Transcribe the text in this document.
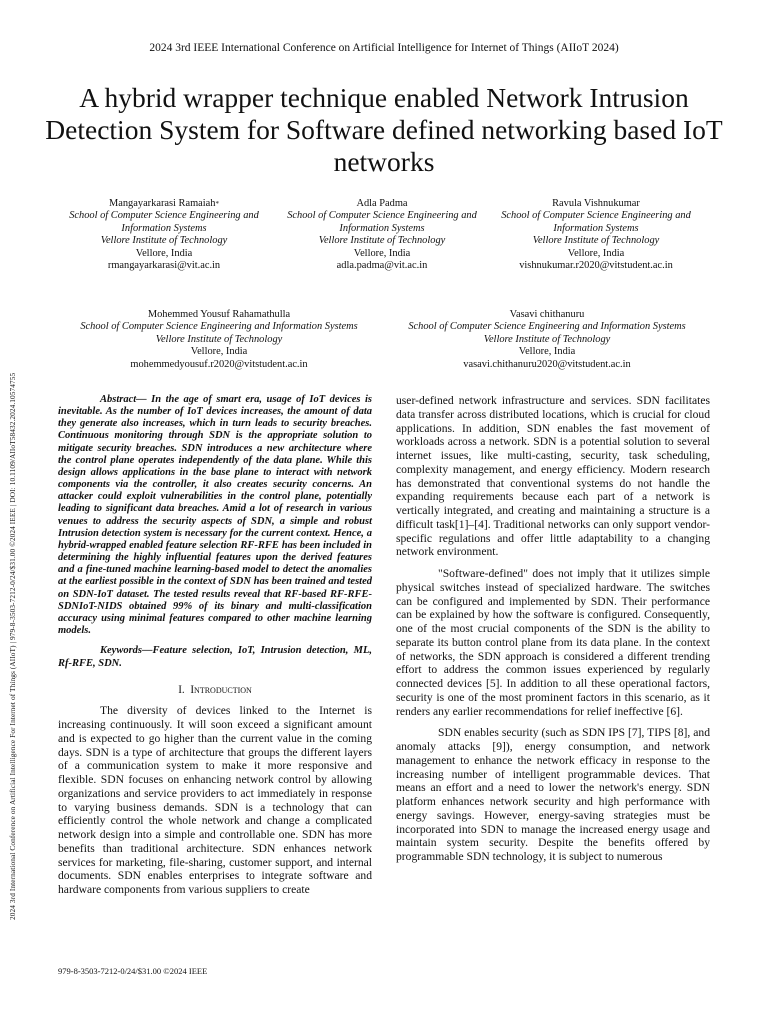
2024 3rd IEEE International Conference on Artificial Intelligence for Internet of Things (AIIoT 2024)
2024 3rd International Conference on Artificial Intelligence For Internet of Things (AIIoT) | 979-8-3503-7212-0/24/$31.00 ©2024 IEEE | DOI: 10.1109/AIIoT58432.2024.10574755
A hybrid wrapper technique enabled Network Intrusion Detection System for Software defined networking based IoT networks
Mangayarkarasi Ramaiah*
School of Computer Science Engineering and Information Systems
Vellore Institute of Technology
Vellore, India
rmangayarkarasi@vit.ac.in
Adla Padma
School of Computer Science Engineering and Information Systems
Vellore Institute of Technology
Vellore, India
adla.padma@vit.ac.in
Ravula Vishnukumar
School of Computer Science Engineering and Information Systems
Vellore Institute of Technology
Vellore, India
vishnukumar.r2020@vitstudent.ac.in
Mohemmed Yousuf Rahamathulla
School of Computer Science Engineering and Information Systems
Vellore Institute of Technology
Vellore, India
mohemmedyousuf.r2020@vitstudent.ac.in
Vasavi chithanuru
School of Computer Science Engineering and Information Systems
Vellore Institute of Technology
Vellore, India
vasavi.chithanuru2020@vitstudent.ac.in

Abstract— In the age of smart era, usage of IoT devices is inevitable. As the number of IoT devices increases, the amount of data they generate also increases, which in turn leads to security breaches. Continuous monitoring through SDN is the appropriate solution to mitigate security breaches. SDN introduces a new architecture where the control plane operates independently of the data plane. While this design allows applications in the base plane to interact with network components via the controller, it also creates security concerns. An attacker could exploit vulnerabilities in the control plane, potentially leading to significant data breaches. Amid a lot of research in various venues to address the security aspects of SDN, a simple and robust Intrusion detection system is necessary for the current context. Hence, a hybrid-wrapped enabled feature selection RF-RFE has been included in determining the highly influential features upon the derived features and a fine-tuned machine learning-based model to detect the anomalies at the earliest possible in the context of SDN has been trained and tested on SDN-IoT dataset. The tested results reveal that RF-based RF-RFE-SDNIoT-NIDS obtained 99% of its binary and multi-classification accuracy using minimal features compared to other machine learning models.

Keywords—Feature selection, IoT, Intrusion detection, ML, Rf-RFE, SDN.

I. Introduction

The diversity of devices linked to the Internet is increasing continuously. It will soon exceed a significant amount and is expected to go higher than the current value in the coming days. SDN is a type of architecture that groups the different layers of a communication system to make it more responsive and flexible. SDN focuses on enhancing network control by allowing organizations and service providers to act immediately in response to varying business demands. SDN is a technology that can efficiently control the whole network and change a complicated network design into a simple and controllable one. SDN has more benefits than traditional architecture. SDN enhances network services for marketing, file-sharing, customer support, and internal documents. SDN enables enterprises to integrate software and hardware components from various suppliers to create

user-defined network infrastructure and services. SDN facilitates data transfer across distributed locations, which is crucial for cloud applications. In addition, SDN enables the fast movement of workloads across a network. SDN is a potential solution to several internet issues, like multi-casting, security, task scheduling, complexity management, and energy efficiency. Modern research has demonstrated that conventional systems do not handle the expanding requirements because each part of a network is vertically integrated, and creating and maintaining a structure is a difficult task[1]–[4]. Traditional networks can only support vendor-specific regulations and offer little adaptability to a changing network environment.

"Software-defined" does not imply that it utilizes simple physical switches instead of specialized hardware. The switches can be configured and implemented by SDN. Their performance can be explained by how the software is configured. Consequently, one of the most crucial components of the SDN is the ability to separate its button control plane from its data plane. In the context of networks, the SDN approach is considered a different trending effort to address the common issues experienced by regularly connected devices [5]. In addition to all these operational factors, security is one of the most prominent factors in this scenario, as it renders any earlier recommendations for relief ineffective [6].

SDN enables security (such as SDN IPS [7], TIPS [8], and anomaly attacks [9]), energy consumption, and network management to enhance the network efficacy in response to the increasing number of intelligent programmable devices. That means an effort and a need to lower the network's energy. SDN platform enhances network security and high performance with energy savings. However, energy-saving strategies must be incorporated into SDN to manage the increased energy usage and maintain system security. Despite the benefits offered by programmable SDN technology, it is subject to numerous

979-8-3503-7212-0/24/$31.00 ©2024 IEEE
